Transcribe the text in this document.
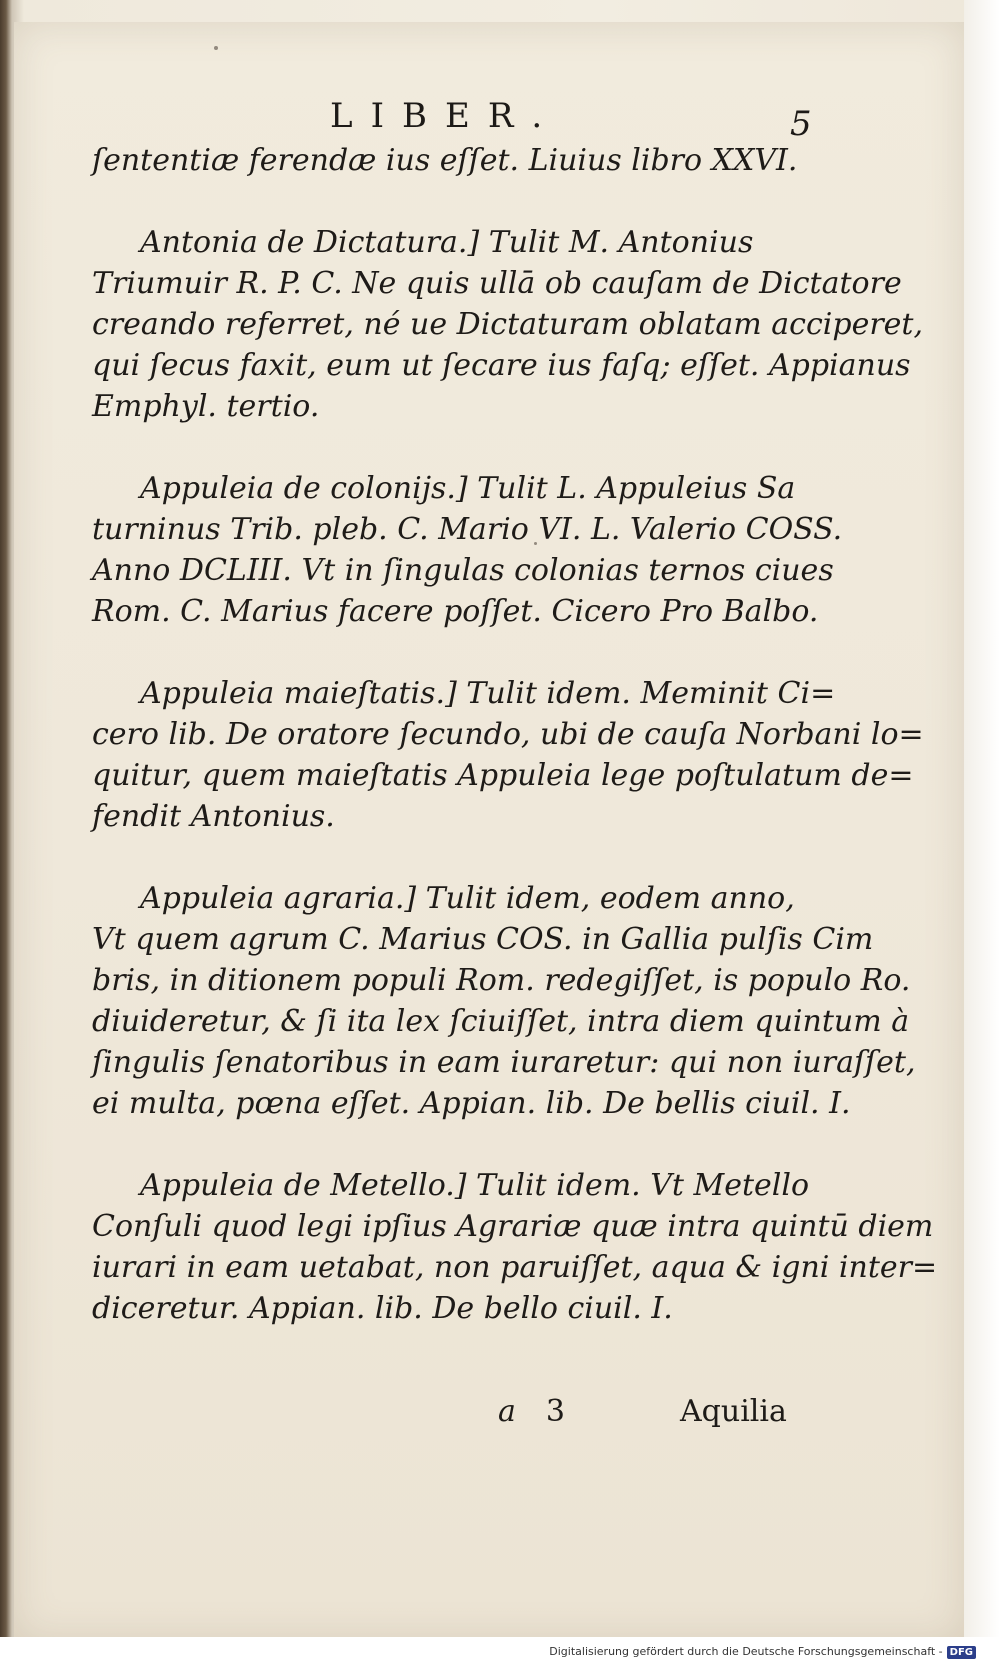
LIBER.	5
ſententiæ ferendæ ius eſſet. Liuius libro XXVI.
Antonia de Dictatura.] Tulit M. Antonius
Triumuir R. P. C. Ne quis ullā ob cauſam de Dictatore
creando referret, né ue Dictaturam oblatam acciperet,
qui ſecus faxit, eum ut ſecare ius faſq; eſſet. Appianus
Emphyl. tertio.
Appuleia de colonijs.] Tulit L. Appuleius Sa
turninus Trib. pleb. C. Mario VI. L. Valerio COSS.
Anno DCLIII. Vt in ſingulas colonias ternos ciues
Rom. C. Marius facere poſſet. Cicero Pro Balbo.
Appuleia maieſtatis.] Tulit idem. Meminit Ci=
cero lib. De oratore ſecundo, ubi de cauſa Norbani lo=
quitur, quem maieſtatis Appuleia lege poſtulatum de=
fendit Antonius.
Appuleia agraria.] Tulit idem, eodem anno,
Vt quem agrum C. Marius COS. in Gallia pulſis Cim
bris, in ditionem populi Rom. redegiſſet, is populo Ro.
diuideretur, & ſi ita lex ſciuiſſet, intra diem quintum à
ſingulis ſenatoribus in eam iuraretur: qui non iuraſſet,
ei multa, pœna eſſet. Appian. lib. De bellis ciuil. I.
Appuleia de Metello.] Tulit idem. Vt Metello
Conſuli quod legi ipſius Agrariæ quæ intra quintū diem
iurari in eam uetabat, non paruiſſet, aqua & igni inter=
diceretur. Appian. lib. De bello ciuil. I.
a 3	Aquilia
Digitalisierung gefördert durch die Deutsche Forschungsgemeinschaft - DFG
